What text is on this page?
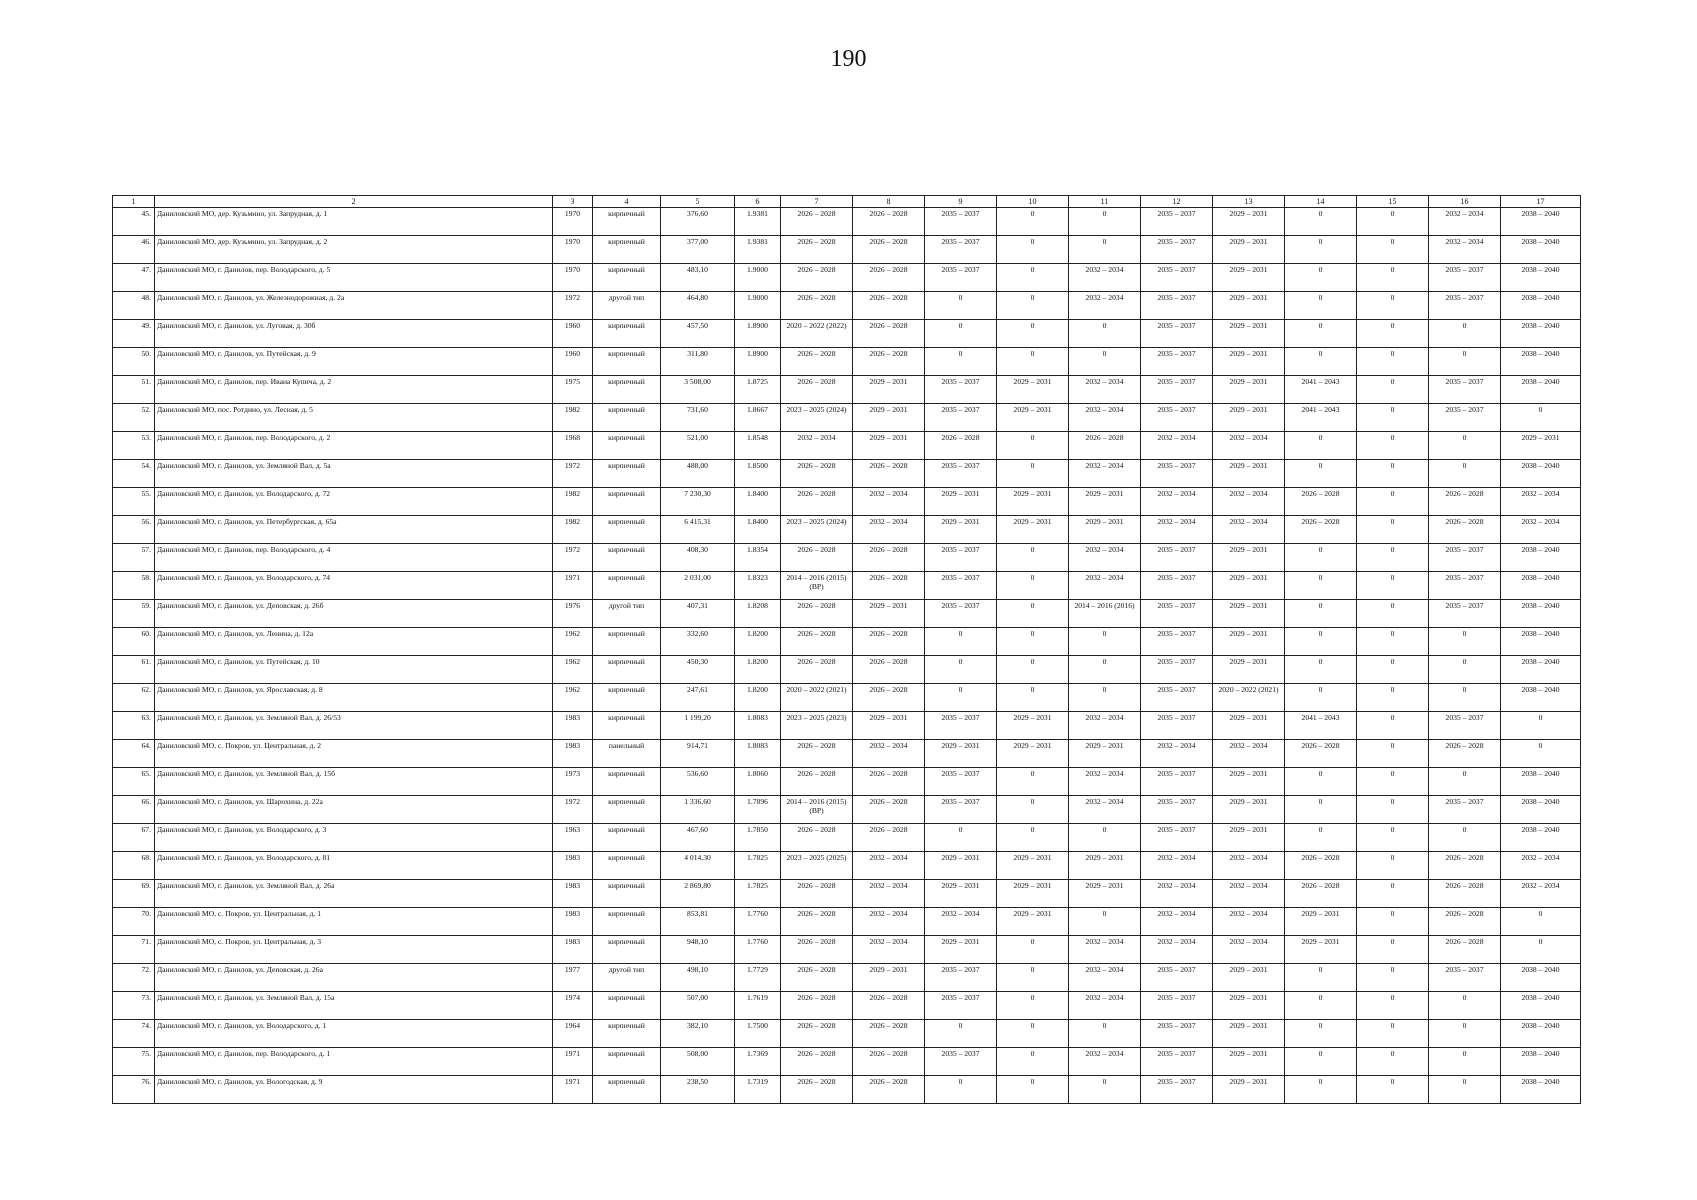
190
1	2	3	4	5	6	7	8	9	10	11	12	13	14	15	16	17
45.	Даниловский МО, дер. Кузьмино, ул. Запрудная, д. 1	1970	кирпичный	376,60	1.9381	2026 – 2028	2026 – 2028	2035 – 2037	0	0	2035 – 2037	2029 – 2031	0	0	2032 – 2034	2038 – 2040
46.	Даниловский МО, дер. Кузьмино, ул. Запрудная, д. 2	1970	кирпичный	377,00	1.9381	2026 – 2028	2026 – 2028	2035 – 2037	0	0	2035 – 2037	2029 – 2031	0	0	2032 – 2034	2038 – 2040
47.	Даниловский МО, г. Данилов, пер. Володарского, д. 5	1970	кирпичный	483,10	1.9000	2026 – 2028	2026 – 2028	2035 – 2037	0	2032 – 2034	2035 – 2037	2029 – 2031	0	0	2035 – 2037	2038 – 2040
48.	Даниловский МО, г. Данилов, ул. Железнодорожная, д. 2а	1972	другой тип	464,80	1.9000	2026 – 2028	2026 – 2028	0	0	2032 – 2034	2035 – 2037	2029 – 2031	0	0	2035 – 2037	2038 – 2040
49.	Даниловский МО, г. Данилов, ул. Луговая, д. 30б	1960	кирпичный	457,50	1.8900	2020 – 2022 (2022)	2026 – 2028	0	0	0	2035 – 2037	2029 – 2031	0	0	0	2038 – 2040
50.	Даниловский МО, г. Данилов, ул. Путейская, д. 9	1960	кирпичный	311,80	1.8900	2026 – 2028	2026 – 2028	0	0	0	2035 – 2037	2029 – 2031	0	0	0	2038 – 2040
51.	Даниловский МО, г. Данилов, пер. Ивана Купича, д. 2	1975	кирпичный	3 508,00	1.8725	2026 – 2028	2029 – 2031	2035 – 2037	2029 – 2031	2032 – 2034	2035 – 2037	2029 – 2031	2041 – 2043	0	2035 – 2037	2038 – 2040
52.	Даниловский МО, пос. Ротдино, ул. Лесная, д. 5	1982	кирпичный	731,60	1.8667	2023 – 2025 (2024)	2029 – 2031	2035 – 2037	2029 – 2031	2032 – 2034	2035 – 2037	2029 – 2031	2041 – 2043	0	2035 – 2037	0
53.	Даниловский МО, г. Данилов, пер. Володарского, д. 2	1968	кирпичный	521,00	1.8548	2032 – 2034	2029 – 2031	2026 – 2028	0	2026 – 2028	2032 – 2034	2032 – 2034	0	0	0	2029 – 2031
54.	Даниловский МО, г. Данилов, ул. Земляной Вал, д. 5а	1972	кирпичный	488,00	1.8500	2026 – 2028	2026 – 2028	2035 – 2037	0	2032 – 2034	2035 – 2037	2029 – 2031	0	0	0	2038 – 2040
55.	Даниловский МО, г. Данилов, ул. Володарского, д. 72	1982	кирпичный	7 230,30	1.8400	2026 – 2028	2032 – 2034	2029 – 2031	2029 – 2031	2029 – 2031	2032 – 2034	2032 – 2034	2026 – 2028	0	2026 – 2028	2032 – 2034
56.	Даниловский МО, г. Данилов, ул. Петербургская, д. 65а	1982	кирпичный	6 415,31	1.8400	2023 – 2025 (2024)	2032 – 2034	2029 – 2031	2029 – 2031	2029 – 2031	2032 – 2034	2032 – 2034	2026 – 2028	0	2026 – 2028	2032 – 2034
57.	Даниловский МО, г. Данилов, пер. Володарского, д. 4	1972	кирпичный	408,30	1.8354	2026 – 2028	2026 – 2028	2035 – 2037	0	2032 – 2034	2035 – 2037	2029 – 2031	0	0	2035 – 2037	2038 – 2040
58.	Даниловский МО, г. Данилов, ул. Володарского, д. 74	1971	кирпичный	2 031,00	1.8323	2014 – 2016 (2015) (ВР)	2026 – 2028	2035 – 2037	0	2032 – 2034	2035 – 2037	2029 – 2031	0	0	2035 – 2037	2038 – 2040
59.	Даниловский МО, г. Данилов, ул. Деповская, д. 26б	1976	другой тип	407,31	1.8208	2026 – 2028	2029 – 2031	2035 – 2037	0	2014 – 2016 (2016)	2035 – 2037	2029 – 2031	0	0	2035 – 2037	2038 – 2040
60.	Даниловский МО, г. Данилов, ул. Ленина, д. 12а	1962	кирпичный	332,60	1.8200	2026 – 2028	2026 – 2028	0	0	0	2035 – 2037	2029 – 2031	0	0	0	2038 – 2040
61.	Даниловский МО, г. Данилов, ул. Путейская, д. 10	1962	кирпичный	450,30	1.8200	2026 – 2028	2026 – 2028	0	0	0	2035 – 2037	2029 – 2031	0	0	0	2038 – 2040
62.	Даниловский МО, г. Данилов, ул. Ярославская, д. 8	1962	кирпичный	247,61	1.8200	2020 – 2022 (2021)	2026 – 2028	0	0	0	2035 – 2037	2020 – 2022 (2021)	0	0	0	2038 – 2040
63.	Даниловский МО, г. Данилов, ул. Земляной Вал, д. 26/53	1983	кирпичный	1 199,20	1.8083	2023 – 2025 (2023)	2029 – 2031	2035 – 2037	2029 – 2031	2032 – 2034	2035 – 2037	2029 – 2031	2041 – 2043	0	2035 – 2037	0
64.	Даниловский МО, с. Покров, ул. Центральная, д. 2	1983	панельный	914,71	1.8083	2026 – 2028	2032 – 2034	2029 – 2031	2029 – 2031	2029 – 2031	2032 – 2034	2032 – 2034	2026 – 2028	0	2026 – 2028	0
65.	Даниловский МО, г. Данилов, ул. Земляной Вал, д. 15б	1973	кирпичный	536,60	1.8060	2026 – 2028	2026 – 2028	2035 – 2037	0	2032 – 2034	2035 – 2037	2029 – 2031	0	0	0	2038 – 2040
66.	Даниловский МО, г. Данилов, ул. Шарохина, д. 22а	1972	кирпичный	1 336,60	1.7896	2014 – 2016 (2015) (ВР)	2026 – 2028	2035 – 2037	0	2032 – 2034	2035 – 2037	2029 – 2031	0	0	2035 – 2037	2038 – 2040
67.	Даниловский МО, г. Данилов, ул. Володарского, д. 3	1963	кирпичный	467,60	1.7850	2026 – 2028	2026 – 2028	0	0	0	2035 – 2037	2029 – 2031	0	0	0	2038 – 2040
68.	Даниловский МО, г. Данилов, ул. Володарского, д. 81	1983	кирпичный	4 014,30	1.7825	2023 – 2025 (2025)	2032 – 2034	2029 – 2031	2029 – 2031	2029 – 2031	2032 – 2034	2032 – 2034	2026 – 2028	0	2026 – 2028	2032 – 2034
69.	Даниловский МО, г. Данилов, ул. Земляной Вал, д. 26а	1983	кирпичный	2 869,80	1.7825	2026 – 2028	2032 – 2034	2029 – 2031	2029 – 2031	2029 – 2031	2032 – 2034	2032 – 2034	2026 – 2028	0	2026 – 2028	2032 – 2034
70.	Даниловский МО, с. Покров, ул. Центральная, д. 1	1983	кирпичный	853,81	1.7760	2026 – 2028	2032 – 2034	2032 – 2034	2029 – 2031	0	2032 – 2034	2032 – 2034	2029 – 2031	0	2026 – 2028	0
71.	Даниловский МО, с. Покров, ул. Центральная, д. 3	1983	кирпичный	948,10	1.7760	2026 – 2028	2032 – 2034	2029 – 2031	0	2032 – 2034	2032 – 2034	2032 – 2034	2029 – 2031	0	2026 – 2028	0
72.	Даниловский МО, г. Данилов, ул. Деповская, д. 26а	1977	другой тип	498,10	1.7729	2026 – 2028	2029 – 2031	2035 – 2037	0	2032 – 2034	2035 – 2037	2029 – 2031	0	0	2035 – 2037	2038 – 2040
73.	Даниловский МО, г. Данилов, ул. Земляной Вал, д. 15а	1974	кирпичный	507,00	1.7619	2026 – 2028	2026 – 2028	2035 – 2037	0	2032 – 2034	2035 – 2037	2029 – 2031	0	0	0	2038 – 2040
74.	Даниловский МО, г. Данилов, ул. Володарского, д. 1	1964	кирпичный	382,10	1.7500	2026 – 2028	2026 – 2028	0	0	0	2035 – 2037	2029 – 2031	0	0	0	2038 – 2040
75.	Даниловский МО, г. Данилов, пер. Володарского, д. 1	1971	кирпичный	508,00	1.7369	2026 – 2028	2026 – 2028	2035 – 2037	0	2032 – 2034	2035 – 2037	2029 – 2031	0	0	0	2038 – 2040
76.	Даниловский МО, г. Данилов, ул. Вологодская, д. 9	1971	кирпичный	238,50	1.7319	2026 – 2028	2026 – 2028	0	0	0	2035 – 2037	2029 – 2031	0	0	0	2038 – 2040
